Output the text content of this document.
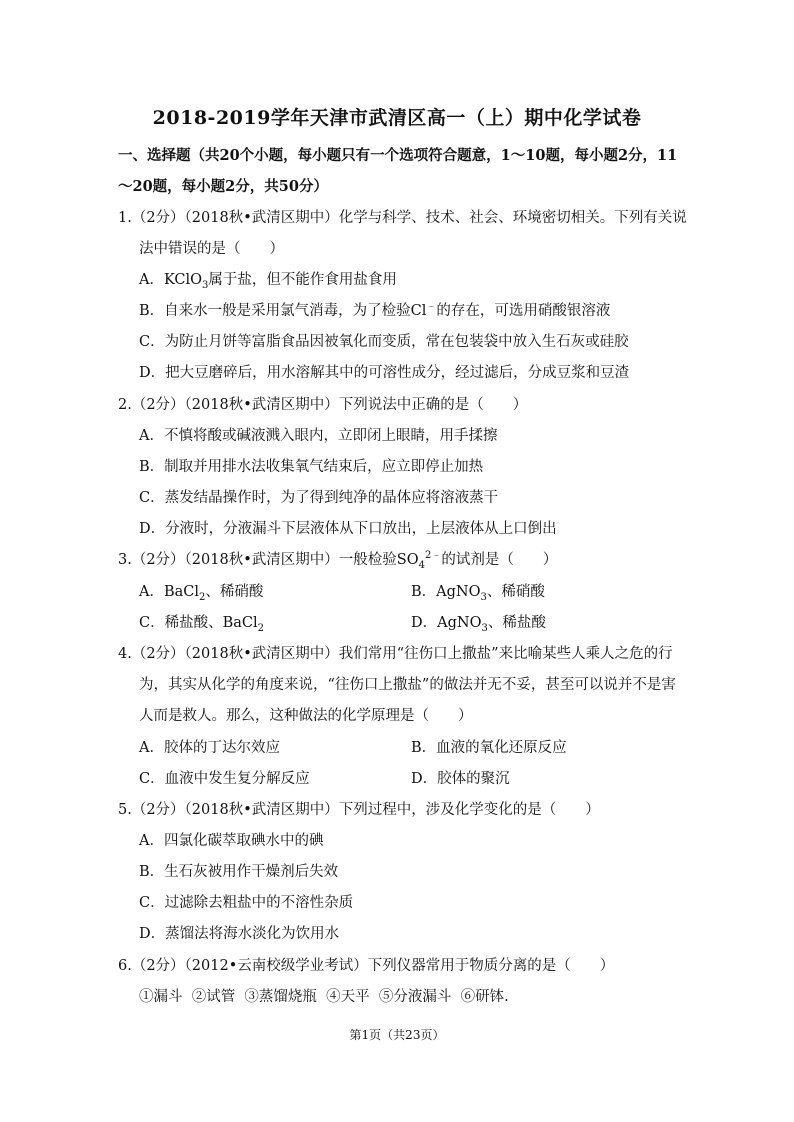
2018-2019学年天津市武清区高一（上）期中化学试卷
一、选择题（共20个小题，每小题只有一个选项符合题意，1～10题，每小题2分，11～20题，每小题2分，共50分）
1.（2分）（2018秋•武清区期中）化学与科学、技术、社会、环境密切相关。下列有关说
法中错误的是（　　）
A．KClO$_3$属于盐，但不能作食用盐食用
B．自来水一般是采用氯气消毒，为了检验Cl﹣的存在，可选用硝酸银溶液
C．为防止月饼等富脂食品因被氧化而变质，常在包装袋中放入生石灰或硅胶
D．把大豆磨碎后，用水溶解其中的可溶性成分，经过滤后，分成豆浆和豆渣
2.（2分）（2018秋•武清区期中）下列说法中正确的是（　　）
A．不慎将酸或碱液溅入眼内，立即闭上眼睛，用手揉擦
B．制取并用排水法收集氧气结束后，应立即停止加热
C．蒸发结晶操作时，为了得到纯净的晶体应将溶液蒸干
D．分液时，分液漏斗下层液体从下口放出，上层液体从上口倒出
3.（2分）（2018秋•武清区期中）一般检验$SO_4^{2﹣}$的试剂是（　　）
A．BaCl$_2$、稀硝酸	B．AgNO$_3$、稀硝酸
C．稀盐酸、BaCl$_2$	D．AgNO$_3$、稀盐酸
4.（2分）（2018秋•武清区期中）我们常用“往伤口上撒盐”来比喻某些人乘人之危的行
为，其实从化学的角度来说，“往伤口上撒盐”的做法并无不妥，甚至可以说并不是害
人而是救人。那么，这种做法的化学原理是（　　）
A．胶体的丁达尔效应	B．血液的氧化还原反应
C．血液中发生复分解反应	D．胶体的聚沉
5.（2分）（2018秋•武清区期中）下列过程中，涉及化学变化的是（　　）
A．四氯化碳萃取碘水中的碘
B．生石灰被用作干燥剂后失效
C．过滤除去粗盐中的不溶性杂质
D．蒸馏法将海水淡化为饮用水
6.（2分）（2012•云南校级学业考试）下列仪器常用于物质分离的是（　　）
①漏斗  ②试管  ③蒸馏烧瓶  ④天平  ⑤分液漏斗  ⑥研钵.
第1页（共23页）
